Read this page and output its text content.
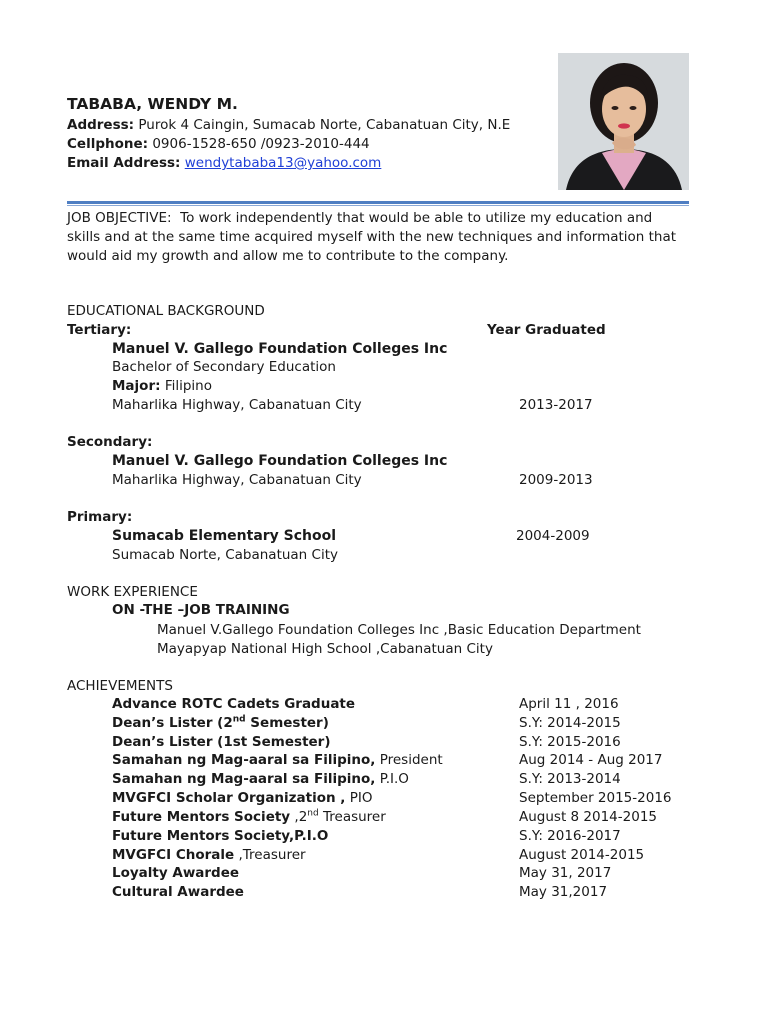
TABABA, WENDY M.
Address: Purok 4 Caingin, Sumacab Norte, Cabanatuan City, N.E
Cellphone: 0906-1528-650 /0923-2010-444
Email Address: wendytababa13@yahoo.com
JOB OBJECTIVE: To work independently that would be able to utilize my education and skills and at the same time acquired myself with the new techniques and information that would aid my growth and allow me to contribute to the company.
EDUCATIONAL BACKGROUND
Tertiary:	Year Graduated
Manuel V. Gallego Foundation Colleges Inc
Bachelor of Secondary Education
Major: Filipino
Maharlika Highway, Cabanatuan City	2013-2017
Secondary:
Manuel V. Gallego Foundation Colleges Inc
Maharlika Highway, Cabanatuan City	2009-2013
Primary:
Sumacab Elementary School	2004-2009
Sumacab Norte, Cabanatuan City
WORK EXPERIENCE
ON -THE –JOB TRAINING
Manuel V.Gallego Foundation Colleges Inc ,Basic Education Department
Mayapyap National High School ,Cabanatuan City
ACHIEVEMENTS
Advance ROTC Cadets Graduate	April 11 , 2016
Dean’s Lister (2nd Semester)	S.Y: 2014-2015
Dean’s Lister (1st Semester)	S.Y: 2015-2016
Samahan ng Mag-aaral sa Filipino, President	Aug 2014 - Aug 2017
Samahan ng Mag-aaral sa Filipino, P.I.O	S.Y: 2013-2014
MVGFCI Scholar Organization , PIO	September 2015-2016
Future Mentors Society ,2nd Treasurer	August 8 2014-2015
Future Mentors Society,P.I.O	S.Y: 2016-2017
MVGFCI Chorale ,Treasurer	August 2014-2015
Loyalty Awardee	May 31, 2017
Cultural Awardee	May 31,2017
